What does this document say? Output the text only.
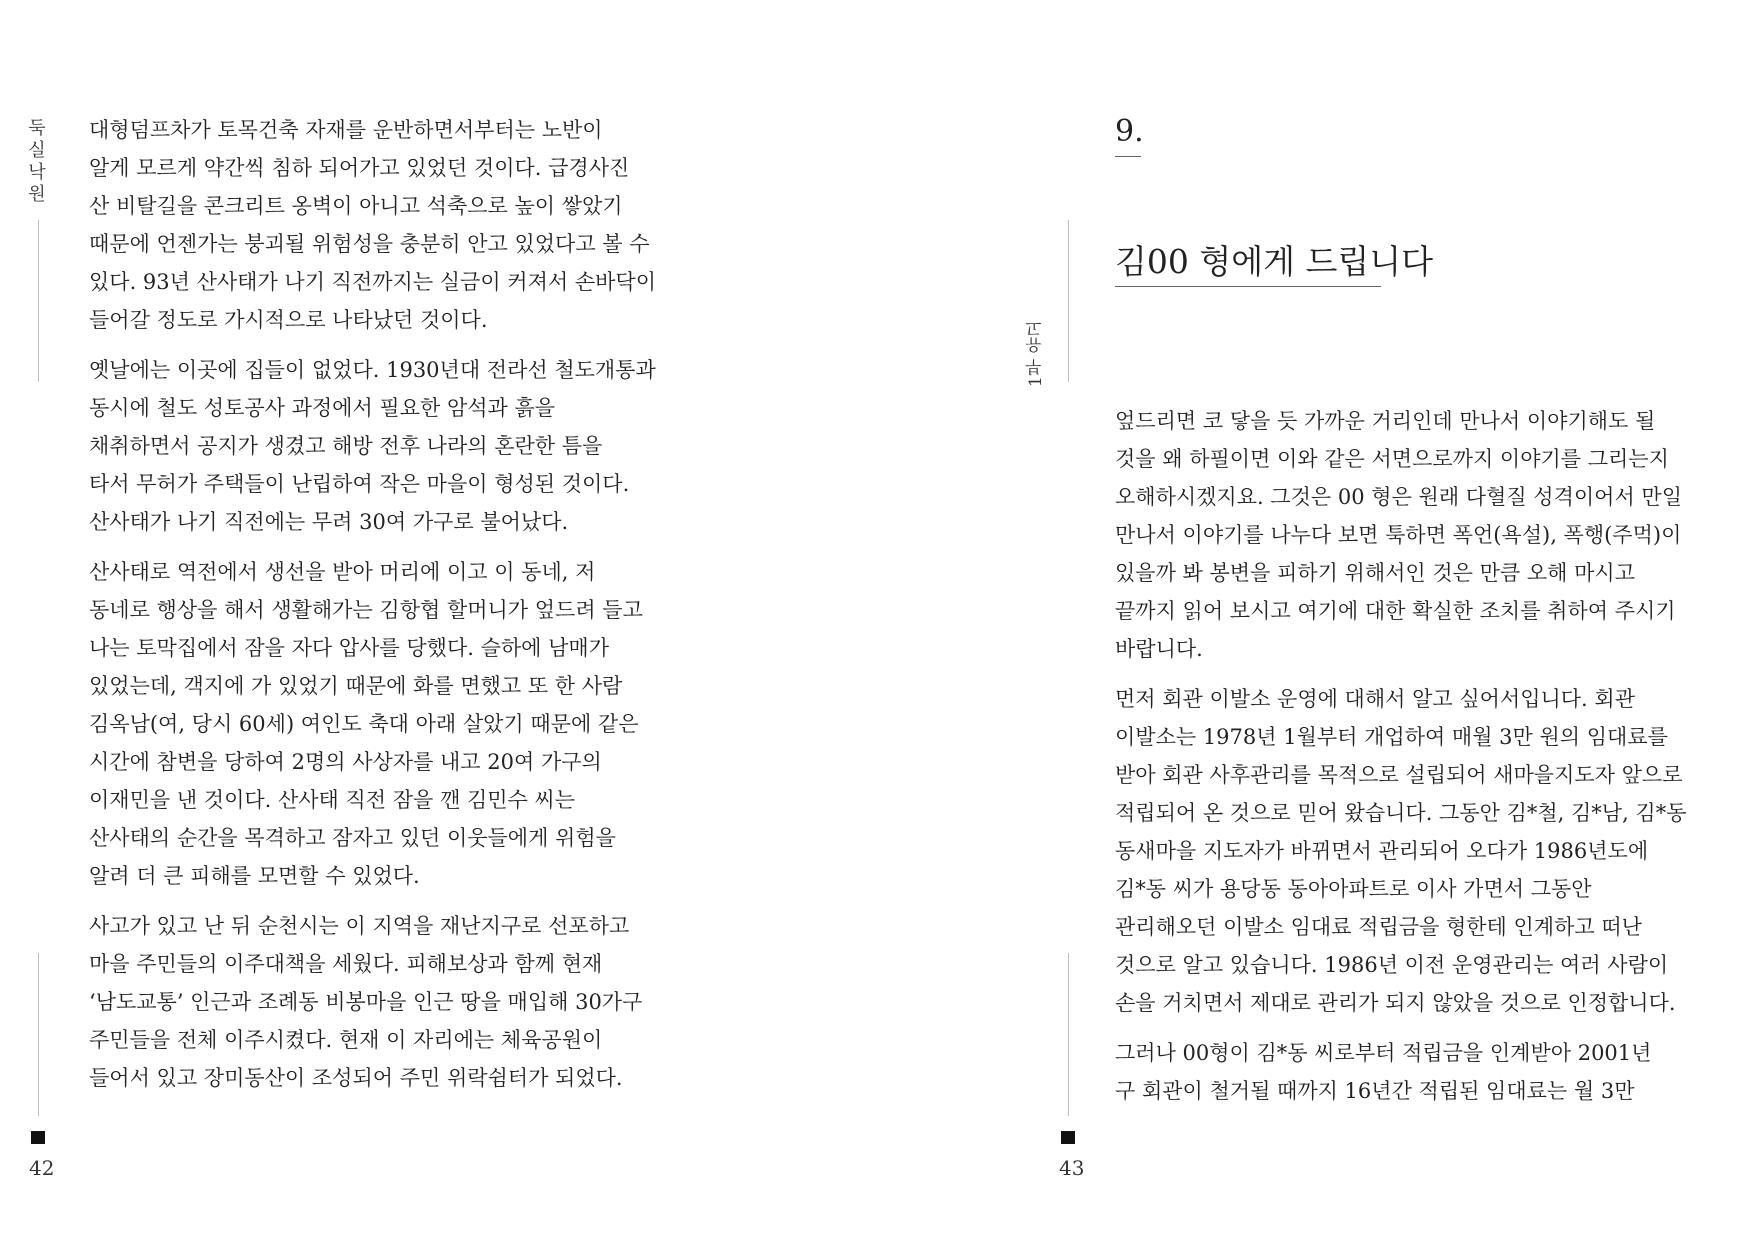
둑
실
낙
원
42

대형덤프차가 토목건축 자재를 운반하면서부터는 노반이
알게 모르게 약간씩 침하 되어가고 있었던 것이다. 급경사진
산 비탈길을 콘크리트 옹벽이 아니고 석축으로 높이 쌓았기
때문에 언젠가는 붕괴될 위험성을 충분히 안고 있었다고 볼 수
있다. 93년 산사태가 나기 직전까지는 실금이 커져서 손바닥이
들어갈 정도로 가시적으로 나타났던 것이다.

옛날에는 이곳에 집들이 없었다. 1930년대 전라선 철도개통과
동시에 철도 성토공사 과정에서 필요한 암석과 흙을
채취하면서 공지가 생겼고 해방 전후 나라의 혼란한 틈을
타서 무허가 주택들이 난립하여 작은 마을이 형성된 것이다.
산사태가 나기 직전에는 무려 30여 가구로 불어났다.

산사태로 역전에서 생선을 받아 머리에 이고 이 동네, 저
동네로 행상을 해서 생활해가는 김항협 할머니가 엎드려 들고
나는 토막집에서 잠을 자다 압사를 당했다. 슬하에 남매가
있었는데, 객지에 가 있었기 때문에 화를 면했고 또 한 사람
김옥남(여, 당시 60세) 여인도 축대 아래 살았기 때문에 같은
시간에 참변을 당하여 2명의 사상자를 내고 20여 가구의
이재민을 낸 것이다. 산사태 직전 잠을 깬 김민수 씨는
산사태의 순간을 목격하고 잠자고 있던 이웃들에게 위험을
알려 더 큰 피해를 모면할 수 있었다.

사고가 있고 난 뒤 순천시는 이 지역을 재난지구로 선포하고
마을 주민들의 이주대책을 세웠다. 피해보상과 함께 현재
‘남도교통’ 인근과 조례동 비봉마을 인근 땅을 매입해 30가구
주민들을 전체 이주시켰다. 현재 이 자리에는 체육공원이
들어서 있고 장미동산이 조성되어 주민 위락쉼터가 되었다.

1부 유고
9.
김00 형에게 드립니다
43

엎드리면 코 닿을 듯 가까운 거리인데 만나서 이야기해도 될
것을 왜 하필이면 이와 같은 서면으로까지 이야기를 그리는지
오해하시겠지요. 그것은 00 형은 원래 다혈질 성격이어서 만일
만나서 이야기를 나누다 보면 툭하면 폭언(욕설), 폭행(주먹)이
있을까 봐 봉변을 피하기 위해서인 것은 만큼 오해 마시고
끝까지 읽어 보시고 여기에 대한 확실한 조치를 취하여 주시기
바랍니다.

먼저 회관 이발소 운영에 대해서 알고 싶어서입니다. 회관
이발소는 1978년 1월부터 개업하여 매월 3만 원의 임대료를
받아 회관 사후관리를 목적으로 설립되어 새마을지도자 앞으로
적립되어 온 것으로 믿어 왔습니다. 그동안 김*철, 김*남, 김*동
동새마을 지도자가 바뀌면서 관리되어 오다가 1986년도에
김*동 씨가 용당동 동아아파트로 이사 가면서 그동안
관리해오던 이발소 임대료 적립금을 형한테 인계하고 떠난
것으로 알고 있습니다. 1986년 이전 운영관리는 여러 사람이
손을 거치면서 제대로 관리가 되지 않았을 것으로 인정합니다.

그러나 00형이 김*동 씨로부터 적립금을 인계받아 2001년
구 회관이 철거될 때까지 16년간 적립된 임대료는 월 3만
